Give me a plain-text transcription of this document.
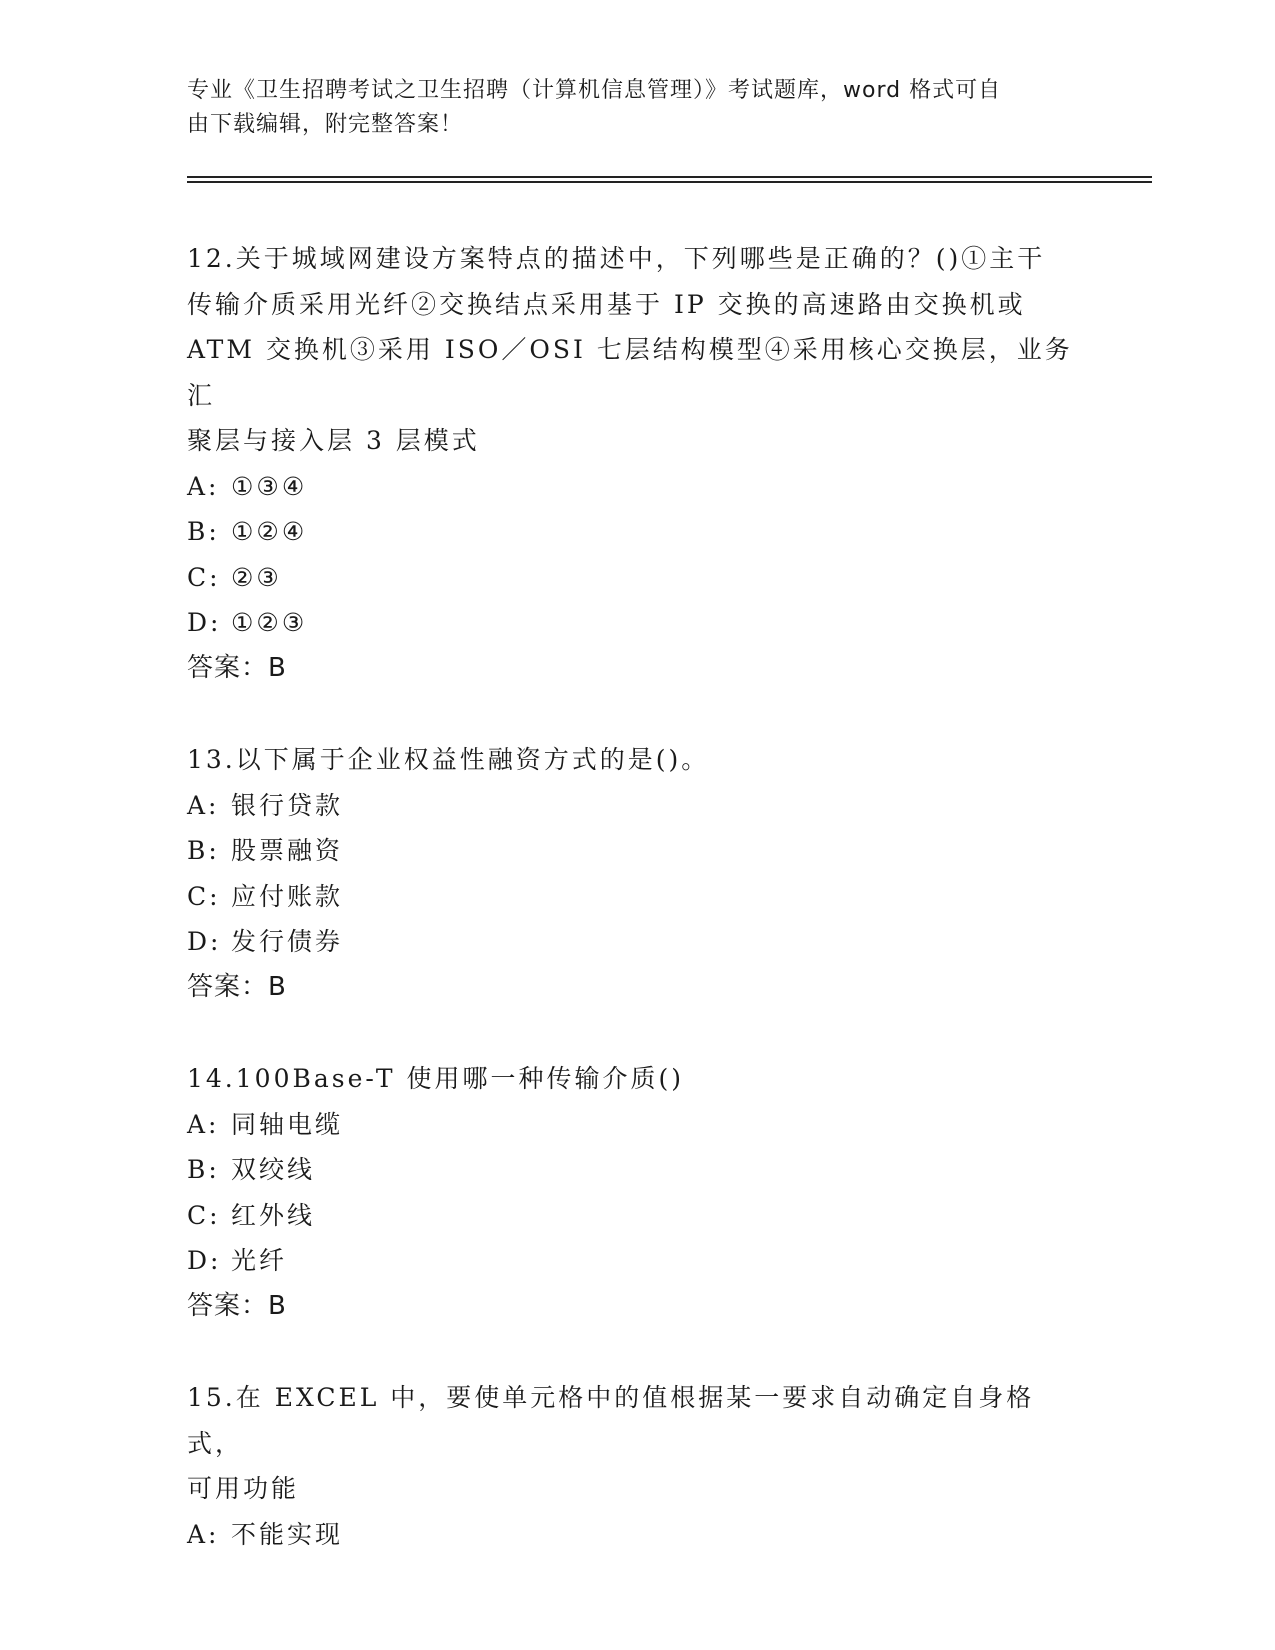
专业《卫生招聘考试之卫生招聘（计算机信息管理）》考试题库，word 格式可自
由下载编辑，附完整答案！
12.关于城域网建设方案特点的描述中，下列哪些是正确的？()①主干
传输介质采用光纤②交换结点采用基于 IP 交换的高速路由交换机或
ATM 交换机③采用 ISO／OSI 七层结构模型④采用核心交换层，业务汇
聚层与接入层 3 层模式
A: ①③④
B: ①②④
C: ②③
D: ①②③
答案：B
13.以下属于企业权益性融资方式的是()。
A: 银行贷款
B: 股票融资
C: 应付账款
D: 发行债券
答案：B
14.100Base-T 使用哪一种传输介质()
A: 同轴电缆
B: 双绞线
C: 红外线
D: 光纤
答案：B
15.在 EXCEL 中，要使单元格中的值根据某一要求自动确定自身格式，
可用功能
A: 不能实现
